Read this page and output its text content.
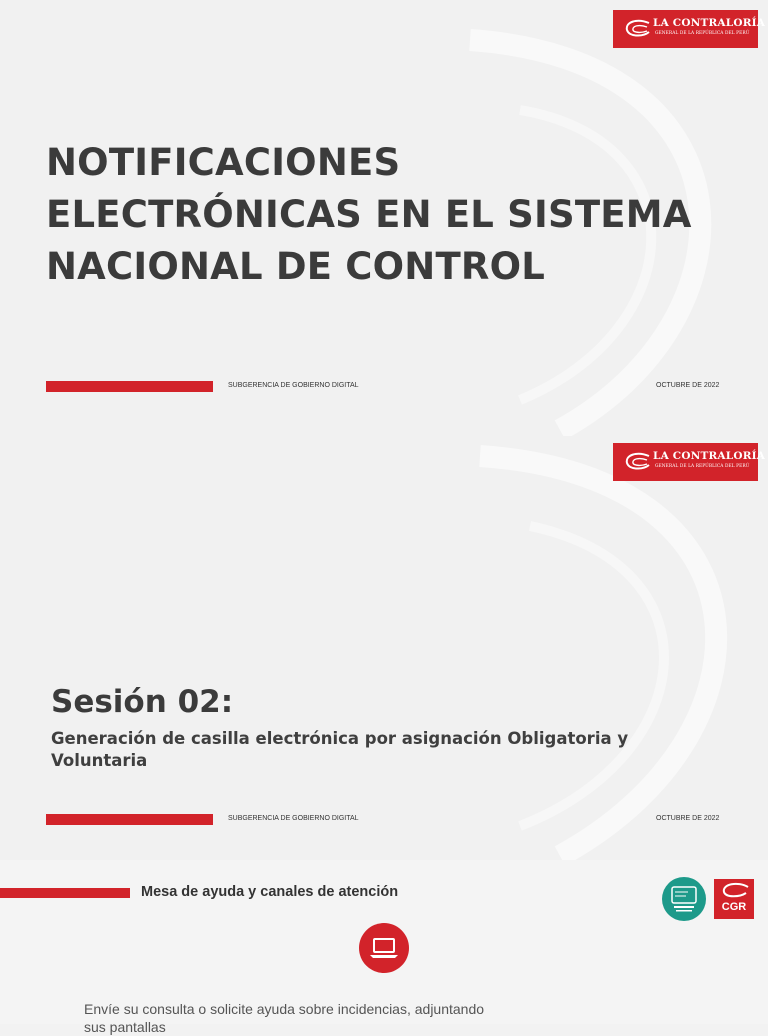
LA CONTRALORÍA
GENERAL DE LA REPÚBLICA DEL PERÚ
NOTIFICACIONES
ELECTRÓNICAS EN EL SISTEMA
NACIONAL DE CONTROL
SUBGERENCIA DE GOBIERNO DIGITAL	OCTUBRE DE 2022
LA CONTRALORÍA
GENERAL DE LA REPÚBLICA DEL PERÚ
Sesión 02:

Generación de casilla electrónica por asignación Obligatoria y Voluntaria

SUBGERENCIA DE GOBIERNO DIGITAL	OCTUBRE DE 2022
Mesa de ayuda y canales de atención
CGR

Envíe su consulta o solicite ayuda sobre incidencias, adjuntando sus pantallas
